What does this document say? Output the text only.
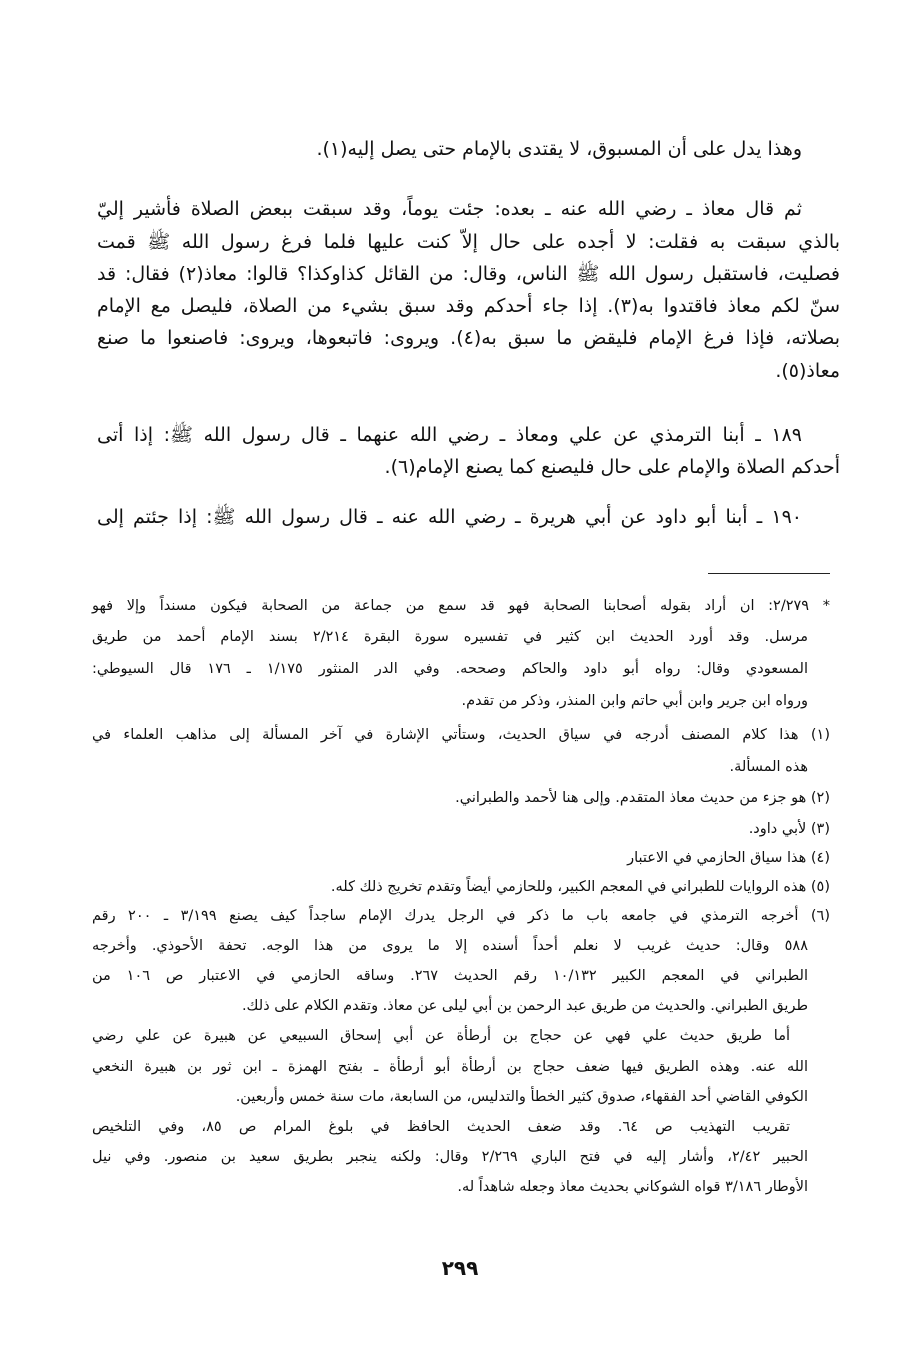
وهذا يدل على أن المسبوق، لا يقتدى بالإمام حتى يصل إليه(١).
ثم قال معاذ ـ رضي الله عنه ـ بعده: جئت يوماً، وقد سبقت ببعض الصلاة فأشير إليّ
بالذي سبقت به فقلت: لا أجده على حال إلاّ كنت عليها فلما فرغ رسول الله ﷺ قمت
فصليت، فاستقبل رسول الله ﷺ الناس، وقال: من القائل كذاوكذا؟ قالوا: معاذ(٢) فقال: قد
سنّ لكم معاذ فاقتدوا به(٣). إذا جاء أحدكم وقد سبق بشيء من الصلاة، فليصل مع الإمام
بصلاته، فإذا فرغ الإمام فليقض ما سبق به(٤). ويروى: فاتبعوها، ويروى: فاصنعوا ما صنع
معاذ(٥).
١٨٩ ـ أبنا الترمذي عن علي ومعاذ ـ رضي الله عنهما ـ قال رسول الله ﷺ: إذا أتى
أحدكم الصلاة والإمام على حال فليصنع كما يصنع الإمام(٦).
١٩٠ ـ أبنا أبو داود عن أبي هريرة ـ رضي الله عنه ـ قال رسول الله ﷺ: إذا جئتم إلى
* ٢/٢٧٩: ان أراد بقوله أصحابنا الصحابة فهو قد سمع من جماعة من الصحابة فيكون مسنداً وإلا فهو
مرسل. وقد أورد الحديث ابن كثير في تفسيره سورة البقرة ٢/٢١٤ بسند الإمام أحمد من طريق
المسعودي وقال: رواه أبو داود والحاكم وصححه. وفي الدر المنثور ١/١٧٥ ـ ١٧٦ قال السيوطي:
ورواه ابن جرير وابن أبي حاتم وابن المنذر، وذكر من تقدم.
(١) هذا كلام المصنف أدرجه في سياق الحديث، وستأتي الإشارة في آخر المسألة إلى مذاهب العلماء في
هذه المسألة.
(٢) هو جزء من حديث معاذ المتقدم. وإلى هنا لأحمد والطبراني.
(٣) لأبي داود.
(٤) هذا سياق الحازمي في الاعتبار
(٥) هذه الروايات للطبراني في المعجم الكبير، وللحازمي أيضاً وتقدم تخريج ذلك كله.
(٦) أخرجه الترمذي في جامعه باب ما ذكر في الرجل يدرك الإمام ساجداً كيف يصنع ٣/١٩٩ ـ ٢٠٠ رقم
٥٨٨ وقال: حديث غريب لا نعلم أحداً أسنده إلا ما يروى من هذا الوجه. تحفة الأحوذي. وأخرجه
الطبراني في المعجم الكبير ١٠/١٣٢ رقم الحديث ٢٦٧. وساقه الحازمي في الاعتبار ص ١٠٦ من
طريق الطبراني. والحديث من طريق عبد الرحمن بن أبي ليلى عن معاذ. وتقدم الكلام على ذلك.
أما طريق حديث علي فهي عن حجاج بن أرطأة عن أبي إسحاق السبيعي عن هبيرة عن علي رضي
الله عنه. وهذه الطريق فيها ضعف حجاج بن أرطأة أبو أرطأة ـ بفتح الهمزة ـ ابن ثور بن هبيرة النخعي
الكوفي القاضي أحد الفقهاء، صدوق كثير الخطأ والتدليس، من السابعة، مات سنة خمس وأربعين.
تقريب التهذيب ص ٦٤. وقد ضعف الحديث الحافظ في بلوغ المرام ص ٨٥، وفي التلخيص
الحبير ٢/٤٢، وأشار إليه في فتح الباري ٢/٢٦٩ وقال: ولكنه ينجبر بطريق سعيد بن منصور. وفي نيل
الأوطار ٣/١٨٦ قواه الشوكاني بحديث معاذ وجعله شاهداً له.
٢٩٩
